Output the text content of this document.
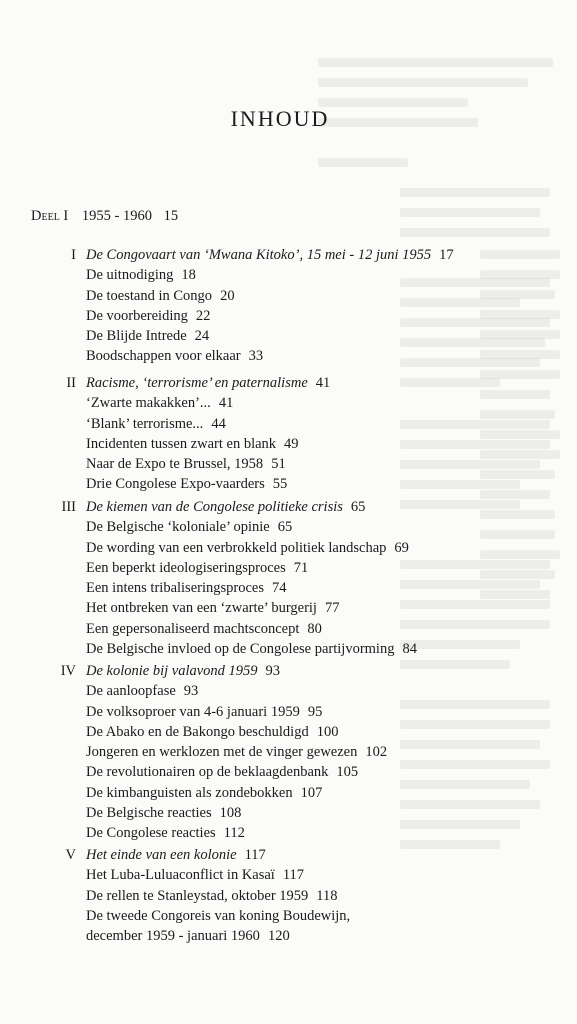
INHOUD
Deel I 1955 - 1960 15
I De Congovaart van ‘Mwana Kitoko’, 15 mei - 12 juni 1955 17
De uitnodiging 18
De toestand in Congo 20
De voorbereiding 22
De Blijde Intrede 24
Boodschappen voor elkaar 33
II Racisme, ‘terrorisme’ en paternalisme 41
‘Zwarte makakken’... 41
‘Blank’ terrorisme... 44
Incidenten tussen zwart en blank 49
Naar de Expo te Brussel, 1958 51
Drie Congolese Expo-vaarders 55
III De kiemen van de Congolese politieke crisis 65
De Belgische ‘koloniale’ opinie 65
De wording van een verbrokkeld politiek landschap 69
Een beperkt ideologiseringsproces 71
Een intens tribaliseringsproces 74
Het ontbreken van een ‘zwarte’ burgerij 77
Een gepersonaliseerd machtsconcept 80
De Belgische invloed op de Congolese partijvorming 84
IV De kolonie bij valavond 1959 93
De aanloopfase 93
De volksoproer van 4-6 januari 1959 95
De Abako en de Bakongo beschuldigd 100
Jongeren en werklozen met de vinger gewezen 102
De revolutionairen op de beklaagdenbank 105
De kimbanguisten als zondebokken 107
De Belgische reacties 108
De Congolese reacties 112
V Het einde van een kolonie 117
Het Luba-Luluaconflict in Kasaï 117
De rellen te Stanleystad, oktober 1959 118
De tweede Congoreis van koning Boudewijn,
december 1959 - januari 1960 120
